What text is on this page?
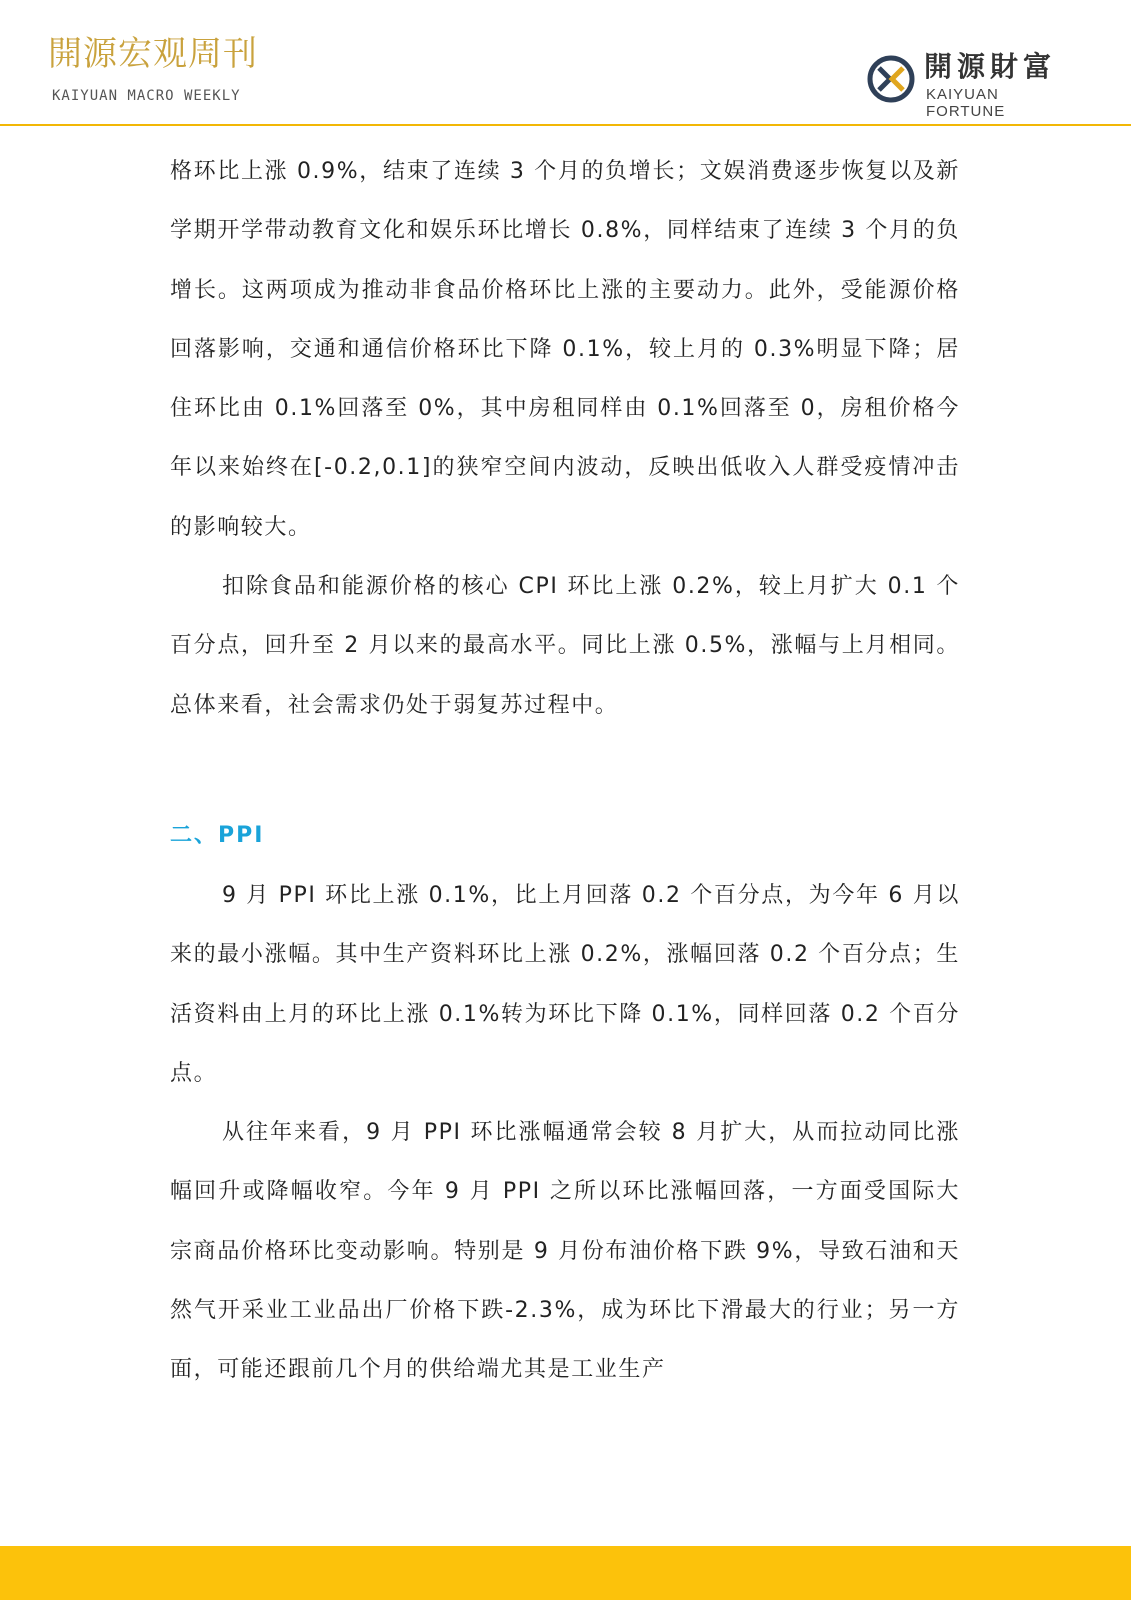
開源宏观周刊
KAIYUAN MACRO WEEKLY
開源財富
KAIYUAN FORTUNE

格环比上涨 0.9%，结束了连续 3 个月的负增长；文娱消费逐步恢复以及新学期开学带动教育文化和娱乐环比增长 0.8%，同样结束了连续 3 个月的负增长。这两项成为推动非食品价格环比上涨的主要动力。此外，受能源价格回落影响，交通和通信价格环比下降 0.1%，较上月的 0.3%明显下降；居住环比由 0.1%回落至 0%，其中房租同样由 0.1%回落至 0，房租价格今年以来始终在[-0.2,0.1]的狭窄空间内波动，反映出低收入人群受疫情冲击的影响较大。

扣除食品和能源价格的核心 CPI 环比上涨 0.2%，较上月扩大 0.1 个百分点，回升至 2 月以来的最高水平。同比上涨 0.5%，涨幅与上月相同。总体来看，社会需求仍处于弱复苏过程中。

二、PPI

9 月 PPI 环比上涨 0.1%，比上月回落 0.2 个百分点，为今年 6 月以来的最小涨幅。其中生产资料环比上涨 0.2%，涨幅回落 0.2 个百分点；生活资料由上月的环比上涨 0.1%转为环比下降 0.1%，同样回落 0.2 个百分点。

从往年来看，9 月 PPI 环比涨幅通常会较 8 月扩大，从而拉动同比涨幅回升或降幅收窄。今年 9 月 PPI 之所以环比涨幅回落，一方面受国际大宗商品价格环比变动影响。特别是 9 月份布油价格下跌 9%，导致石油和天然气开采业工业品出厂价格下跌-2.3%，成为环比下滑最大的行业；另一方面，可能还跟前几个月的供给端尤其是工业生产
